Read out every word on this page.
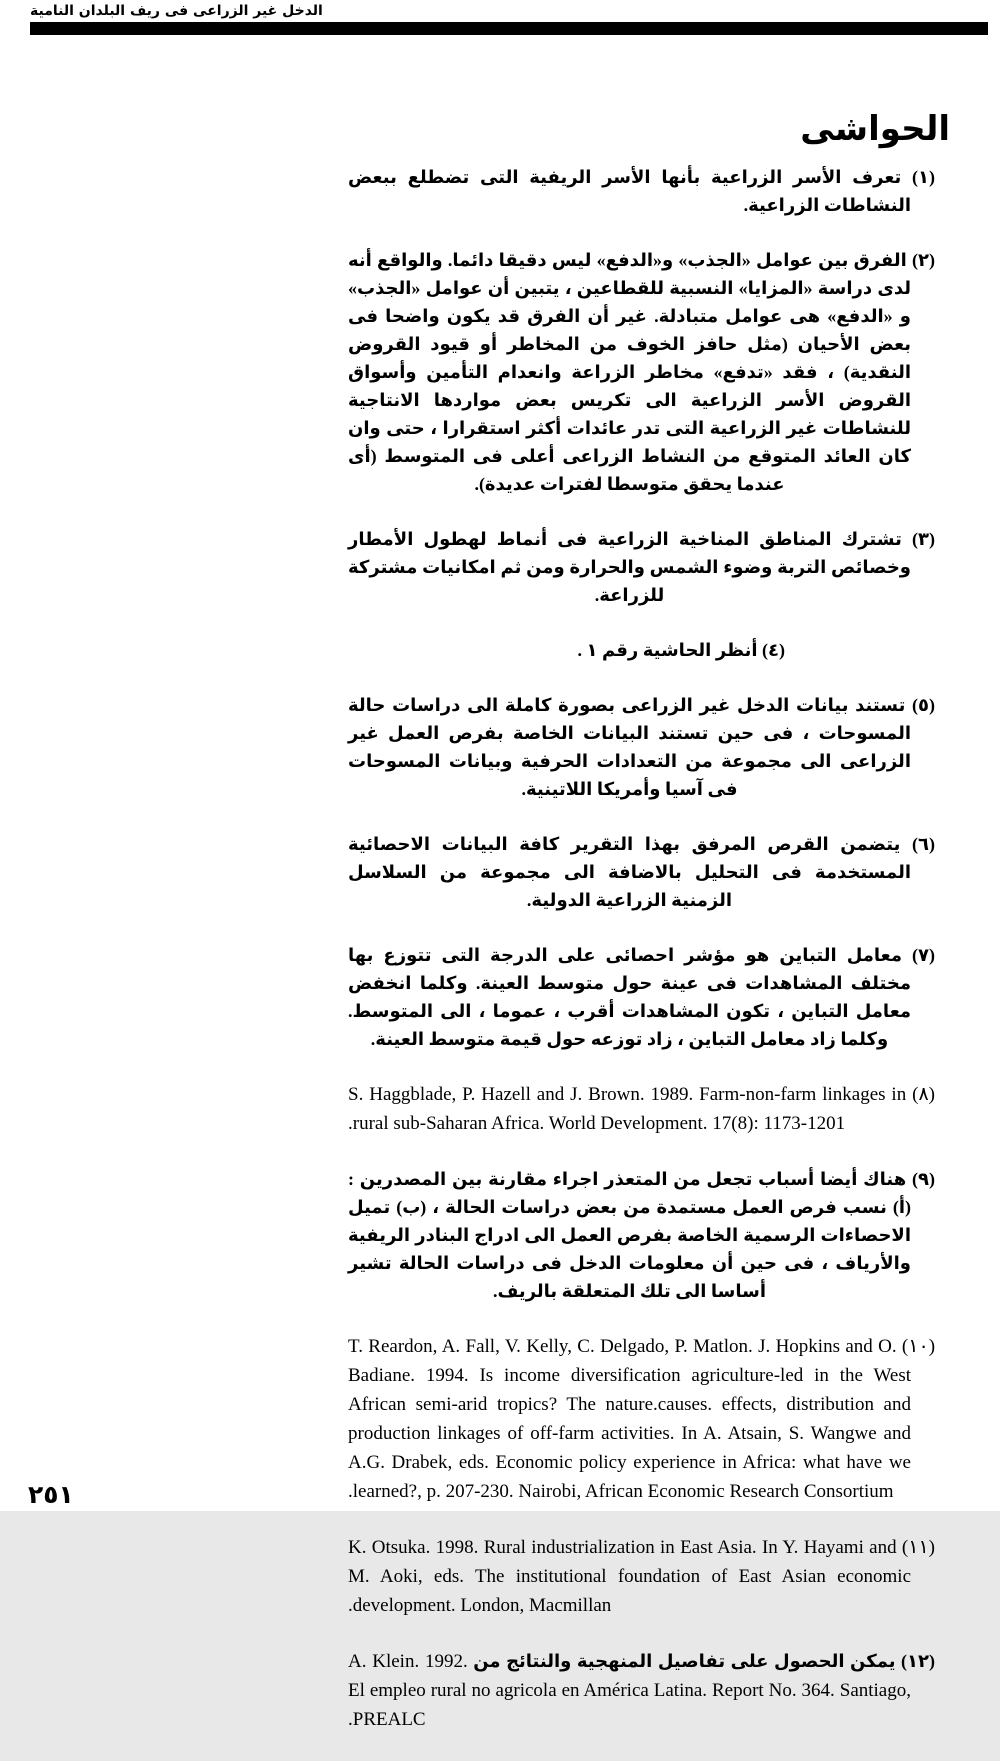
الدخل غير الزراعى فى ريف البلدان النامية
الحواشى

(١) تعرف الأسر الزراعية بأنها الأسر الريفية التى تضطلع ببعض النشاطات الزراعية.

(٢) الفرق بين عوامل «الجذب» و«الدفع» ليس دقيقا دائما. والواقع أنه لدى دراسة «المزايا» النسبية للقطاعين ، يتبين أن عوامل «الجذب» و «الدفع» هى عوامل متبادلة. غير أن الفرق قد يكون واضحا فى بعض الأحيان (مثل حافز الخوف من المخاطر أو قيود القروض النقدية) ، فقد «تدفع» مخاطر الزراعة وانعدام التأمين وأسواق القروض الأسر الزراعية الى تكريس بعض مواردها الانتاجية للنشاطات غير الزراعية التى تدر عائدات أكثر استقرارا ، حتى وان كان العائد المتوقع من النشاط الزراعى أعلى فى المتوسط (أى عندما يحقق متوسطا لفترات عديدة).

(٣) تشترك المناطق المناخية الزراعية فى أنماط لهطول الأمطار وخصائص التربة وضوء الشمس والحرارة ومن ثم امكانيات مشتركة للزراعة.

(٤) أنظر الحاشية رقم ١ .

(٥) تستند بيانات الدخل غير الزراعى بصورة كاملة الى دراسات حالة المسوحات ، فى حين تستند البيانات الخاصة بفرص العمل غير الزراعى الى مجموعة من التعدادات الحرفية وبيانات المسوحات فى آسيا وأمريكا اللاتينية.

(٦) يتضمن القرص المرفق بهذا التقرير كافة البيانات الاحصائية المستخدمة فى التحليل بالاضافة الى مجموعة من السلاسل الزمنية الزراعية الدولية.

(٧) معامل التباين هو مؤشر احصائى على الدرجة التى تتوزع بها مختلف المشاهدات فى عينة حول متوسط العينة. وكلما انخفض معامل التباين ، تكون المشاهدات أقرب ، عموما ، الى المتوسط. وكلما زاد معامل التباين ، زاد توزعه حول قيمة متوسط العينة.

(٨) S. Haggblade, P. Hazell and J. Brown. 1989. Farm-non-farm linkages in rural sub-Saharan Africa. World Development. 17(8): 1173-1201.

(٩) هناك أيضا أسباب تجعل من المتعذر اجراء مقارنة بين المصدرين : (أ) نسب فرص العمل مستمدة من بعض دراسات الحالة ، (ب) تميل الاحصاءات الرسمية الخاصة بفرص العمل الى ادراج البنادر الريفية والأرياف ، فى حين أن معلومات الدخل فى دراسات الحالة تشير أساسا الى تلك المتعلقة بالريف.

(١٠) T. Reardon, A. Fall, V. Kelly, C. Delgado, P. Matlon. J. Hopkins and O. Badiane. 1994. Is income diversification agriculture-led in the West African semi-arid tropics? The nature.causes. effects, distribution and production linkages of off-farm activities. In A. Atsain, S. Wangwe and A.G. Drabek, eds. Economic policy experience in Africa: what have we learned?, p. 207-230. Nairobi, African Economic Research Consortium.

(١١) K. Otsuka. 1998. Rural industrialization in East Asia. In Y. Hayami and M. Aoki, eds. The institutional foundation of East Asian economic development. London, Macmillan.

(١٢) يمكن الحصول على تفاصيل المنهجية والنتائج من A. Klein. 1992. El empleo rural no agricola en América Latina. Report No. 364. Santiago, PREALC.

٢٥١
